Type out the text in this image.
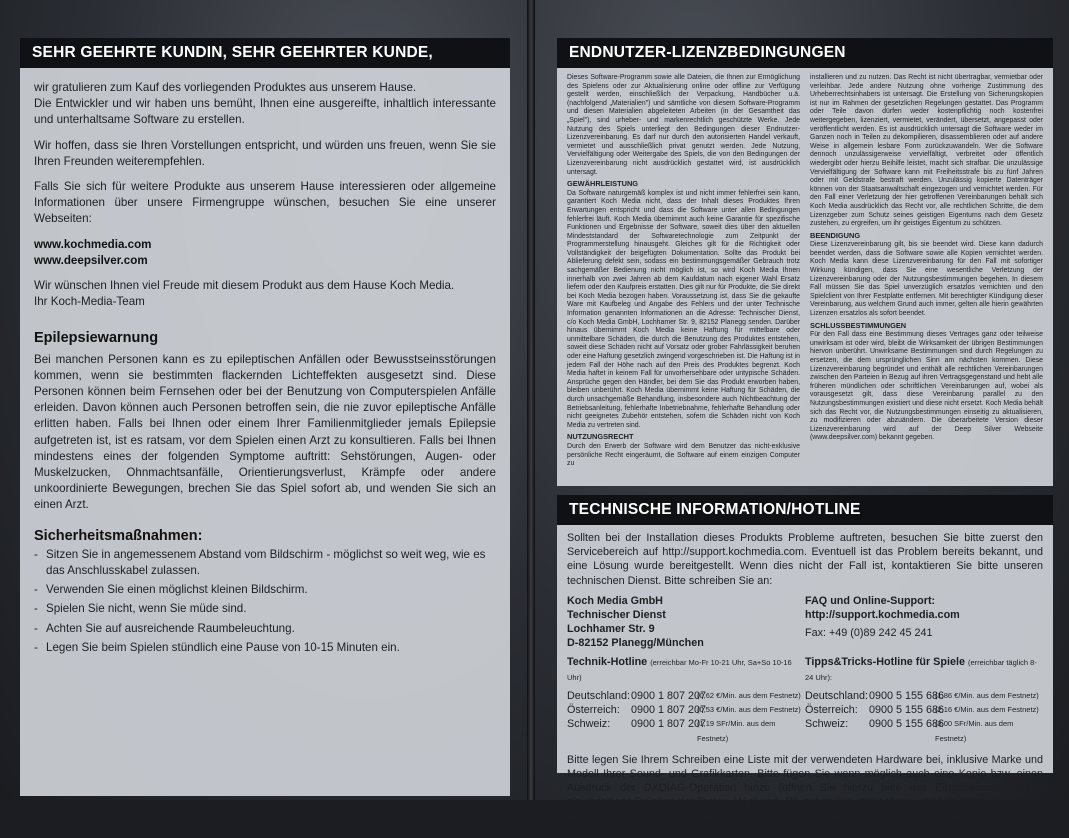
SEHR GEEHRTE KUNDIN, SEHR GEEHRTER KUNDE,

wir gratulieren zum Kauf des vorliegenden Produktes aus unserem Hause.

Die Entwickler und wir haben uns bemüht, Ihnen eine ausgereifte, inhaltlich interessante und unterhaltsame Software zu erstellen.

Wir hoffen, dass sie Ihren Vorstellungen entspricht, und würden uns freuen, wenn Sie sie Ihren Freunden weiterempfehlen.

Falls Sie sich für weitere Produkte aus unserem Hause interessieren oder allgemeine Informationen über unsere Firmengruppe wünschen, besuchen Sie eine unserer Webseiten:

www.kochmedia.com

www.deepsilver.com

Wir wünschen Ihnen viel Freude mit diesem Produkt aus dem Hause Koch Media.

Ihr Koch-Media-Team

Epilepsiewarnung

Bei manchen Personen kann es zu epileptischen Anfällen oder Bewusstseinsstörungen kommen, wenn sie bestimmten flackernden Lichteffekten ausgesetzt sind. Diese Personen können beim Fernsehen oder bei der Benutzung von Computerspielen Anfälle erleiden. Davon können auch Personen betroffen sein, die nie zuvor epileptische Anfälle erlitten haben. Falls bei Ihnen oder einem Ihrer Familienmitglieder jemals Epilepsie aufgetreten ist, ist es ratsam, vor dem Spielen einen Arzt zu konsultieren. Falls bei Ihnen mindestens eines der folgenden Symptome auftritt: Sehstörungen, Augen- oder Muskelzucken, Ohnmachtsanfälle, Orientierungsverlust, Krämpfe oder andere unkoordinierte Bewegungen, brechen Sie das Spiel sofort ab, und wenden Sie sich an einen Arzt.

Sicherheitsmaßnahmen:
- Sitzen Sie in angemessenem Abstand vom Bildschirm - möglichst so weit weg, wie es das Anschlusskabel zulassen.
- Verwenden Sie einen möglichst kleinen Bildschirm.
- Spielen Sie nicht, wenn Sie müde sind.
- Achten Sie auf ausreichende Raumbeleuchtung.
- Legen Sie beim Spielen stündlich eine Pause von 10-15 Minuten ein.
ENDNUTZER-LIZENZBEDINGUNGEN

Dieses Software-Programm sowie alle Dateien, die Ihnen zur Ermöglichung des Spielens oder zur Aktualisierung online oder offline zur Verfügung gestellt werden, einschließlich der Verpackung, Handbücher u.ä. (nachfolgend „Materialien") und sämtliche von diesem Software-Programm und diesen Materialien abgeleiteten Arbeiten (in der Gesamtheit das „Spiel"), sind urheber- und markenrechtlich geschützte Werke. Jede Nutzung des Spiels unterliegt den Bedingungen dieser Endnutzer-Lizenzvereinbarung. Es darf nur durch den autorisierten Handel verkauft, vermietet und ausschließlich privat genutzt werden. Jede Nutzung, Vervielfältigung oder Weitergabe des Spiels, die von den Bedingungen der Lizenzvereinbarung nicht ausdrücklich gestattet wird, ist ausdrücklich untersagt.

GEWÄHRLEISTUNG

Da Software naturgemäß komplex ist und nicht immer fehlerfrei sein kann, garantiert Koch Media nicht, dass der Inhalt dieses Produktes Ihren Erwartungen entspricht und dass die Software unter allen Bedingungen fehlerfrei läuft. Koch Media übernimmt auch keine Garantie für spezifische Funktionen und Ergebnisse der Software, soweit dies über den aktuellen Mindeststandard der Softwaretechnologie zum Zeitpunkt der Programmerstellung hinausgeht. Gleiches gilt für die Richtigkeit oder Vollständigkeit der beigefügten Dokumentation. Sollte das Produkt bei Ablieferung defekt sein, sodass ein bestimmungsgemäßer Gebrauch trotz sachgemäßer Bedienung nicht möglich ist, so wird Koch Media Ihnen innerhalb von zwei Jahren ab dem Kaufdatum nach eigener Wahl Ersatz liefern oder den Kaufpreis erstatten. Dies gilt nur für Produkte, die Sie direkt bei Koch Media bezogen haben. Voraussetzung ist, dass Sie die gekaufte Ware mit Kaufbeleg und Angabe des Fehlers und der unter Technische Information genannten Informationen an die Adresse: Technischer Dienst, c/o Koch Media GmbH, Lochhamer Str. 9, 82152 Planegg senden. Darüber hinaus übernimmt Koch Media keine Haftung für mittelbare oder unmittelbare Schäden, die durch die Benutzung des Produktes entstehen, soweit diese Schäden nicht auf Vorsatz oder grober Fahrlässigkeit beruhen oder eine Haftung gesetzlich zwingend vorgeschrieben ist. Die Haftung ist in jedem Fall der Höhe nach auf den Preis des Produktes begrenzt. Koch Media haftet in keinem Fall für unvorhersehbare oder untypische Schäden. Ansprüche gegen den Händler, bei dem Sie das Produkt erworben haben, bleiben unberührt. Koch Media übernimmt keine Haftung für Schäden, die durch unsachgemäße Behandlung, insbesondere auch Nichtbeachtung der Betriebsanleitung, fehlerhafte Inbetriebnahme, fehlerhafte Behandlung oder nicht geeignetes Zubehör entstehen, sofern die Schäden nicht von Koch Media zu vertreten sind.

NUTZUNGSRECHT

Durch den Erwerb der Software wird dem Benutzer das nicht-exklusive persönliche Recht eingeräumt, die Software auf einem einzigen Computer zu

installieren und zu nutzen. Das Recht ist nicht übertragbar, vermietbar oder verleihbar. Jede andere Nutzung ohne vorherige Zustimmung des Urheberrechtsinhabers ist untersagt. Die Erstellung von Sicherungskopien ist nur im Rahmen der gesetzlichen Regelungen gestattet. Das Programm oder Teile davon dürfen weder kostenpflichtig noch kostenfrei weitergegeben, lizenziert, vermietet, verändert, übersetzt, angepasst oder veröffentlicht werden. Es ist ausdrücklich untersagt die Software weder im Ganzen noch in Teilen zu dekompilieren, disassemblieren oder auf andere Weise in allgemein lesbare Form zurückzuwandeln. Wer die Software dennoch unzulässigerweise vervielfältigt, verbreitet oder öffentlich wiedergibt oder hierzu Beihilfe leistet, macht sich strafbar. Die unzulässige Vervielfältigung der Software kann mit Freiheitsstrafe bis zu fünf Jahren oder mit Geldstrafe bestraft werden. Unzulässig kopierte Datenträger können von der Staatsanwaltschaft eingezogen und vernichtet werden. Für den Fall einer Verletzung der hier getroffenen Vereinbarungen behält sich Koch Media ausdrücklich das Recht vor, alle rechtlichen Schritte, die dem Lizenzgeber zum Schutz seines geistigen Eigentums nach dem Gesetz zustehen, zu ergreifen, um ihr geistiges Eigentum zu schützen.

BEENDIGUNG

Diese Lizenzvereinbarung gilt, bis sie beendet wird. Diese kann dadurch beendet werden, dass die Software sowie alle Kopien vernichtet werden. Koch Media kann diese Lizenzvereinbarung für den Fall mit sofortiger Wirkung kündigen, dass Sie eine wesentliche Verletzung der Lizenzvereinbarung oder der Nutzungsbestimmungen begehen. In diesem Fall müssen Sie das Spiel unverzüglich ersatzlos vernichten und den Spielclient von Ihrer Festplatte entfernen. Mit berechtigter Kündigung dieser Vereinbarung, aus welchem Grund auch immer, gelten alle hierin gewährten Lizenzen ersatzlos als sofort beendet.

SCHLUSSBESTIMMUNGEN

Für den Fall dass eine Bestimmung dieses Vertrages ganz oder teilweise unwirksam ist oder wird, bleibt die Wirksamkeit der übrigen Bestimmungen hiervon unberührt. Unwirksame Bestimmungen sind durch Regelungen zu ersetzen, die dem ursprünglichen Sinn am nächsten kommen. Diese Lizenzvereinbarung begründet und enthält alle rechtlichen Vereinbarungen zwischen den Parteien in Bezug auf ihren Vertragsgegenstand und hebt alle früheren mündlichen oder schriftlichen Vereinbarungen auf, wobei als vorausgesetzt gilt, dass diese Vereinbarung parallel zu den Nutzungsbestimmungen existiert und diese nicht ersetzt. Koch Media behält sich das Recht vor, die Nutzungsbestimmungen einseitig zu aktualisieren, zu modifizieren oder abzuändern. Die überarbeitete Version dieser Lizenzvereinbarung wird auf der Deep Silver Webseite (www.deepsilver.com) bekannt gegeben.

TECHNISCHE INFORMATION/HOTLINE

Sollten bei der Installation dieses Produkts Probleme auftreten, besuchen Sie bitte zuerst den Servicebereich auf http://support.kochmedia.com. Eventuell ist das Problem bereits bekannt, und eine Lösung wurde bereitgestellt. Wenn dies nicht der Fall ist, kontaktieren Sie bitte unseren technischen Dienst. Bitte schreiben Sie an:

Koch Media GmbH
Technischer Dienst
Lochhamer Str. 9
D-82152 Planegg/München
FAQ und Online-Support:
http://support.kochmedia.com

Fax: +49 (0)89 242 45 241
Technik-Hotline (erreichbar Mo-Fr 10-21 Uhr, Sa+So 10-16 Uhr)
Deutschland: 0900 1 807 207
(0,62 €/Min. aus dem Festnetz)
Österreich:	0900 1 807 207
(0,53 €/Min. aus dem Festnetz)
Schweiz:	0900 1 807 207
(1,19 SFr/Min. aus dem Festnetz)
Tipps&Tricks-Hotline für Spiele (erreichbar täglich 8-24 Uhr):
Deutschland: 0900 5 155 686
(1,86 €/Min. aus dem Festnetz)
Österreich:	0900 5 155 686
(2,16 €/Min. aus dem Festnetz)
Schweiz:	0900 5 155 686
(3,00 SFr/Min. aus dem Festnetz)

Bitte legen Sie Ihrem Schreiben eine Liste mit der verwendeten Hardware bei, inklusive Marke und Modell Ihrer Sound- und Grafikkarten. Bitte fügen Sie wenn möglich auch eine Kopie bzw. einen Ausdruck der DXDIAG-Operation hinzu (öffnen Sie hierzu bitte das Eingabefenster durch gleichzeitiges Drücken der Tasten „Win" und „R", geben Sie „dxdiag" ein, und bestätigen Sie mit der Eingabetaste). Führen Sie neben Ihrer Adresse auch Ihre Telefonnummer und die Tageszeit an, zu der wir Sie am besten erreichen können.
